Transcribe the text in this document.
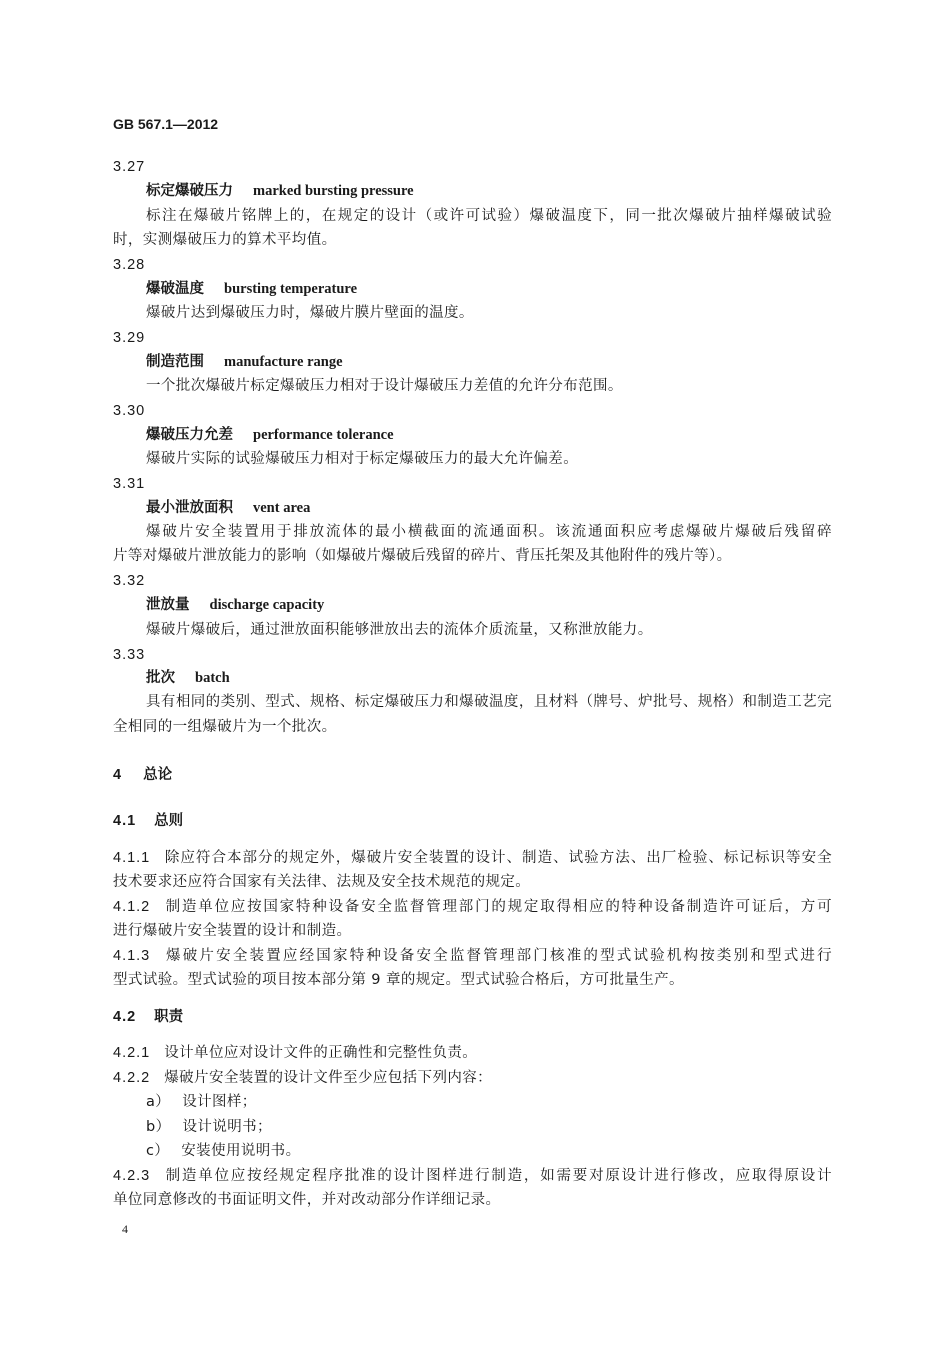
GB 567.1—2012
3.27
标定爆破压力 marked bursting pressure
标注在爆破片铭牌上的，在规定的设计（或许可试验）爆破温度下，同一批次爆破片抽样爆破试验
时，实测爆破压力的算术平均值。
3.28
爆破温度 bursting temperature
爆破片达到爆破压力时，爆破片膜片壁面的温度。
3.29
制造范围 manufacture range
一个批次爆破片标定爆破压力相对于设计爆破压力差值的允许分布范围。
3.30
爆破压力允差 performance tolerance
爆破片实际的试验爆破压力相对于标定爆破压力的最大允许偏差。
3.31
最小泄放面积 vent area
爆破片安全装置用于排放流体的最小横截面的流通面积。该流通面积应考虑爆破片爆破后残留碎
片等对爆破片泄放能力的影响（如爆破片爆破后残留的碎片、背压托架及其他附件的残片等）。
3.32
泄放量 discharge capacity
爆破片爆破后，通过泄放面积能够泄放出去的流体介质流量，又称泄放能力。
3.33
批次 batch
具有相同的类别、型式、规格、标定爆破压力和爆破温度，且材料（牌号、炉批号、规格）和制造工艺完
全相同的一组爆破片为一个批次。
4 总论
4.1 总则
4.1.1 除应符合本部分的规定外，爆破片安全装置的设计、制造、试验方法、出厂检验、标记标识等安全
技术要求还应符合国家有关法律、法规及安全技术规范的规定。
4.1.2 制造单位应按国家特种设备安全监督管理部门的规定取得相应的特种设备制造许可证后，方可
进行爆破片安全装置的设计和制造。
4.1.3 爆破片安全装置应经国家特种设备安全监督管理部门核准的型式试验机构按类别和型式进行
型式试验。型式试验的项目按本部分第 9 章的规定。型式试验合格后，方可批量生产。
4.2 职责
4.2.1 设计单位应对设计文件的正确性和完整性负责。
4.2.2 爆破片安全装置的设计文件至少应包括下列内容：
a） 设计图样；
b） 设计说明书；
c） 安装使用说明书。
4.2.3 制造单位应按经规定程序批准的设计图样进行制造，如需要对原设计进行修改，应取得原设计
单位同意修改的书面证明文件，并对改动部分作详细记录。
4
